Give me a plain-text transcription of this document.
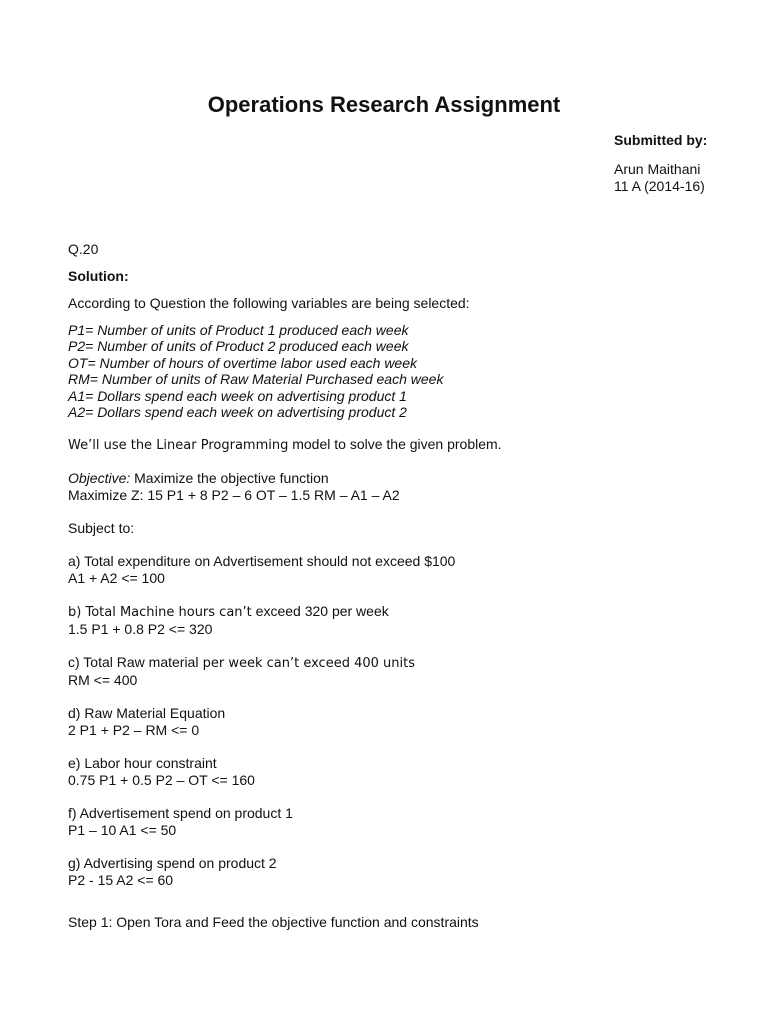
Operations Research Assignment
Submitted by:
Arun Maithani
11 A (2014-16)

Q.20

Solution:

According to Question the following variables are being selected:

P1= Number of units of Product 1 produced each week
P2= Number of units of Product 2 produced each week
OT= Number of hours of overtime labor used each week
RM= Number of units of Raw Material Purchased each week
A1= Dollars spend each week on advertising product 1
A2= Dollars spend each week on advertising product 2

We’ll use the Linear Programming model to solve the given problem.

Objective: Maximize the objective function
Maximize Z: 15 P1 + 8 P2 – 6 OT – 1.5 RM – A1 – A2

Subject to:

a) Total expenditure on Advertisement should not exceed $100
A1 + A2 <= 100
b) Total Machine hours can’t exceed 320 per week
1.5 P1 + 0.8 P2 <= 320
c) Total Raw material per week can’t exceed 400 units
RM <= 400
d) Raw Material Equation
2 P1 + P2 – RM <= 0
e) Labor hour constraint
0.75 P1 + 0.5 P2 – OT <= 160
f) Advertisement spend on product 1
P1 – 10 A1 <= 50
g) Advertising spend on product 2
P2 - 15 A2 <= 60

Step 1: Open Tora and Feed the objective function and constraints
